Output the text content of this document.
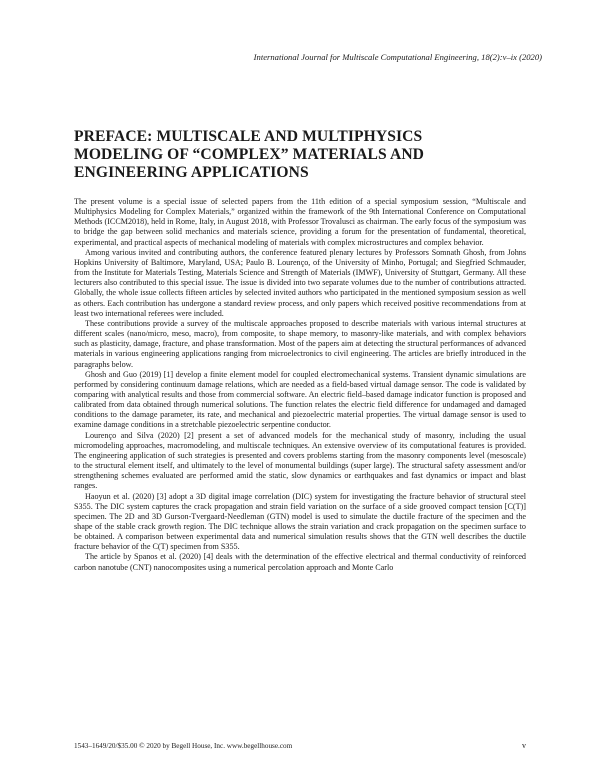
International Journal for Multiscale Computational Engineering, 18(2):v–ix (2020)
PREFACE: MULTISCALE AND MULTIPHYSICS MODELING OF “COMPLEX” MATERIALS AND ENGINEERING APPLICATIONS

The present volume is a special issue of selected papers from the 11th edition of a special symposium session, “Multiscale and Multiphysics Modeling for Complex Materials,” organized within the framework of the 9th International Conference on Computational Methods (ICCM2018), held in Rome, Italy, in August 2018, with Professor Trovalusci as chairman. The early focus of the symposium was to bridge the gap between solid mechanics and materials science, providing a forum for the presentation of fundamental, theoretical, experimental, and practical aspects of mechanical modeling of materials with complex microstructures and complex behavior.

Among various invited and contributing authors, the conference featured plenary lectures by Professors Somnath Ghosh, from Johns Hopkins University of Baltimore, Maryland, USA; Paulo B. Lourenço, of the University of Minho, Portugal; and Siegfried Schmauder, from the Institute for Materials Testing, Materials Science and Strength of Materials (IMWF), University of Stuttgart, Germany. All these lecturers also contributed to this special issue. The issue is divided into two separate volumes due to the number of contributions attracted. Globally, the whole issue collects fifteen articles by selected invited authors who participated in the mentioned symposium session as well as others. Each contribution has undergone a standard review process, and only papers which received positive recommendations from at least two international referees were included.

These contributions provide a survey of the multiscale approaches proposed to describe materials with various internal structures at different scales (nano/micro, meso, macro), from composite, to shape memory, to masonry-like materials, and with complex behaviors such as plasticity, damage, fracture, and phase transformation. Most of the papers aim at detecting the structural performances of advanced materials in various engineering applications ranging from microelectronics to civil engineering. The articles are briefly introduced in the paragraphs below.

Ghosh and Guo (2019) [1] develop a finite element model for coupled electromechanical systems. Transient dynamic simulations are performed by considering continuum damage relations, which are needed as a field-based virtual damage sensor. The code is validated by comparing with analytical results and those from commercial software. An electric field–based damage indicator function is proposed and calibrated from data obtained through numerical solutions. The function relates the electric field difference for undamaged and damaged conditions to the damage parameter, its rate, and mechanical and piezoelectric material properties. The virtual damage sensor is used to examine damage conditions in a stretchable piezoelectric serpentine conductor.

Lourenço and Silva (2020) [2] present a set of advanced models for the mechanical study of masonry, including the usual micromodeling approaches, macromodeling, and multiscale techniques. An extensive overview of its computational features is provided. The engineering application of such strategies is presented and covers problems starting from the masonry components level (mesoscale) to the structural element itself, and ultimately to the level of monumental buildings (super large). The structural safety assessment and/or strengthening schemes evaluated are performed amid the static, slow dynamics or earthquakes and fast dynamics or impact and blast ranges.

Haoyun et al. (2020) [3] adopt a 3D digital image correlation (DIC) system for investigating the fracture behavior of structural steel S355. The DIC system captures the crack propagation and strain field variation on the surface of a side grooved compact tension [C(T)] specimen. The 2D and 3D Gurson-Tvergaard-Needleman (GTN) model is used to simulate the ductile fracture of the specimen and the shape of the stable crack growth region. The DIC technique allows the strain variation and crack propagation on the specimen surface to be obtained. A comparison between experimental data and numerical simulation results shows that the GTN well describes the ductile fracture behavior of the C(T) specimen from S355.

The article by Spanos et al. (2020) [4] deals with the determination of the effective electrical and thermal conductivity of reinforced carbon nanotube (CNT) nanocomposites using a numerical percolation approach and Monte Carlo

1543–1649/20/$35.00 © 2020 by Begell House, Inc. www.begellhouse.com	v
